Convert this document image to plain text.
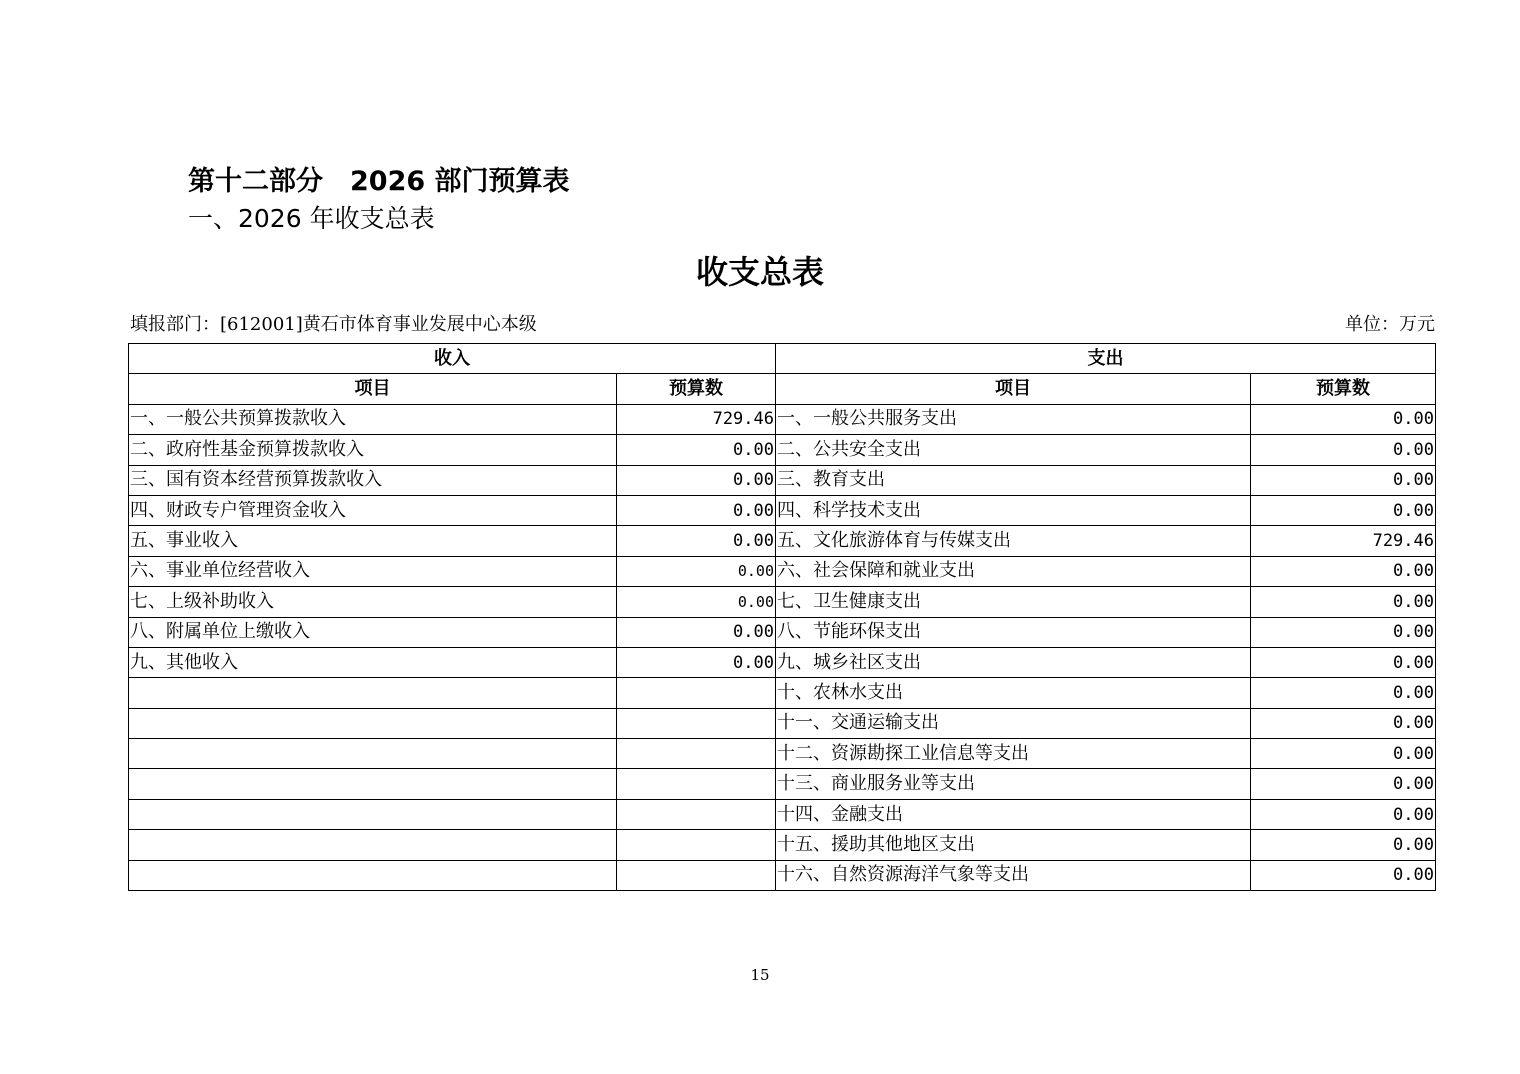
第十二部分　2026 部门预算表
一、2026 年收支总表
收支总表
填报部门：[612001]黄石市体育事业发展中心本级	单位：万元
收入		支出	
项目	预算数	项目	预算数
一、一般公共预算拨款收入	729.46	一、一般公共服务支出	0.00
二、政府性基金预算拨款收入	0.00	二、公共安全支出	0.00
三、国有资本经营预算拨款收入	0.00	三、教育支出	0.00
四、财政专户管理资金收入	0.00	四、科学技术支出	0.00
五、事业收入	0.00	五、文化旅游体育与传媒支出	729.46
六、事业单位经营收入	0.00	六、社会保障和就业支出	0.00
七、上级补助收入	0.00	七、卫生健康支出	0.00
八、附属单位上缴收入	0.00	八、节能环保支出	0.00
九、其他收入	0.00	九、城乡社区支出	0.00
		十、农林水支出	0.00
		十一、交通运输支出	0.00
		十二、资源勘探工业信息等支出	0.00
		十三、商业服务业等支出	0.00
		十四、金融支出	0.00
		十五、援助其他地区支出	0.00
		十六、自然资源海洋气象等支出	0.00
15
